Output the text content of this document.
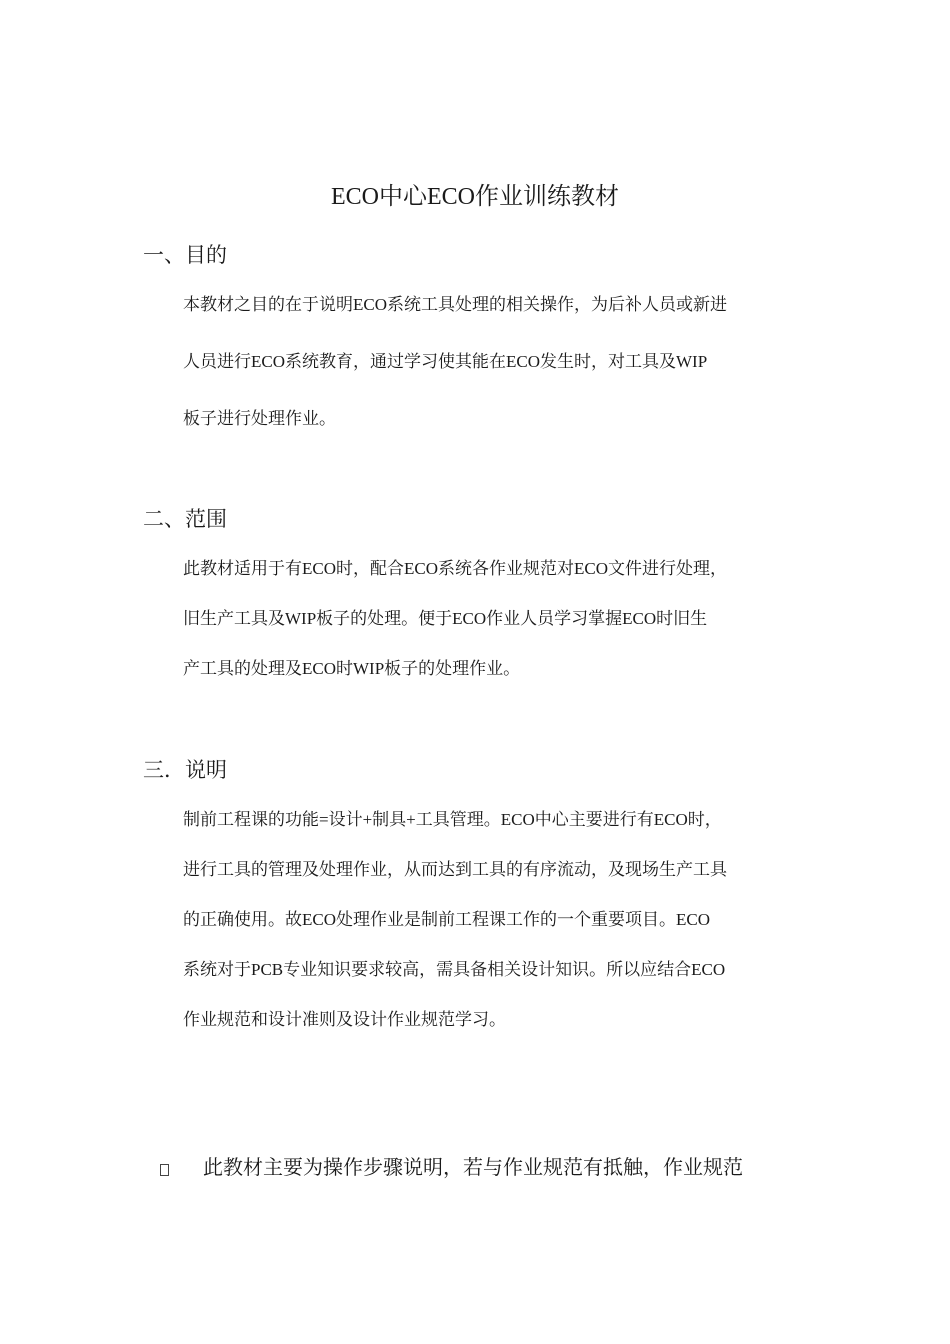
ECO中心ECO作业训练教材
一、目的
本教材之目的在于说明ECO系统工具处理的相关操作，为后补人员或新进
人员进行ECO系统教育，通过学习使其能在ECO发生时，对工具及WIP
板子进行处理作业。
二、范围
此教材适用于有ECO时，配合ECO系统各作业规范对ECO文件进行处理，
旧生产工具及WIP板子的处理。便于ECO作业人员学习掌握ECO时旧生
产工具的处理及ECO时WIP板子的处理作业。
三．说明
制前工程课的功能=设计+制具+工具管理。ECO中心主要进行有ECO时，
进行工具的管理及处理作业，从而达到工具的有序流动，及现场生产工具
的正确使用。故ECO处理作业是制前工程课工作的一个重要项目。ECO
系统对于PCB专业知识要求较高，需具备相关设计知识。所以应结合ECO
作业规范和设计准则及设计作业规范学习。
此教材主要为操作步骤说明，若与作业规范有抵触，作业规范
